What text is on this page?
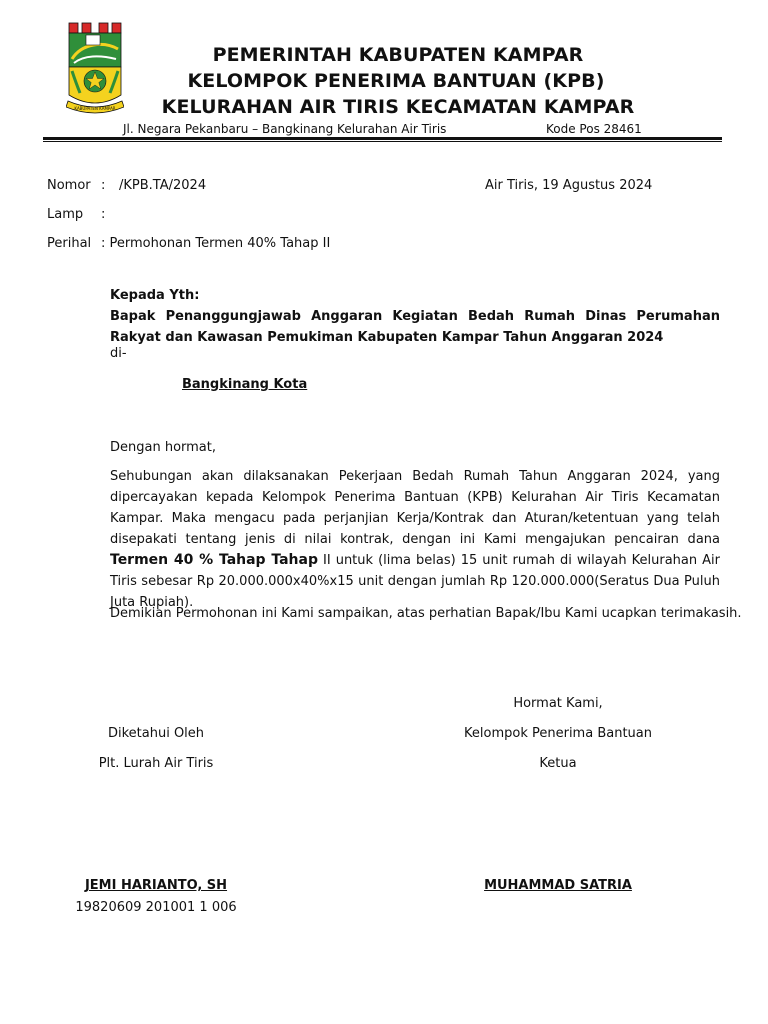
KABUPATEN KAMPAR
PEMERINTAH KABUPATEN KAMPAR
KELOMPOK PENERIMA BANTUAN (KPB)
KELURAHAN AIR TIRIS KECAMATAN KAMPAR
Jl. Negara Pekanbaru – Bangkinang Kelurahan Air Tiris	Kode Pos 28461
Nomor : /KPB.TA/2024	Air Tiris, 19 Agustus 2024
Lamp :
Perihal : Permohonan Termen 40% Tahap II
Kepada Yth:
Bapak Penanggungjawab Anggaran Kegiatan Bedah Rumah Dinas Perumahan Rakyat dan Kawasan Pemukiman Kabupaten Kampar Tahun Anggaran 2024
di-
Bangkinang Kota
Dengan hormat,
Sehubungan akan dilaksanakan Pekerjaan Bedah Rumah Tahun Anggaran 2024, yang dipercayakan kepada Kelompok Penerima Bantuan (KPB) Kelurahan Air Tiris Kecamatan Kampar. Maka mengacu pada perjanjian Kerja/Kontrak dan Aturan/ketentuan yang telah disepakati tentang jenis di nilai kontrak, dengan ini Kami mengajukan pencairan dana Termen 40 % Tahap Tahap II untuk (lima belas) 15 unit rumah di wilayah Kelurahan Air Tiris sebesar Rp 20.000.000x40%x15 unit dengan jumlah Rp 120.000.000(Seratus Dua Puluh Juta Rupiah).
Demikian Permohonan ini Kami sampaikan, atas perhatian Bapak/Ibu Kami ucapkan terimakasih.
Hormat Kami,
Diketahui Oleh	Kelompok Penerima Bantuan
Plt. Lurah Air Tiris	Ketua
JEMI HARIANTO, SH	MUHAMMAD SATRIA
19820609 201001 1 006
